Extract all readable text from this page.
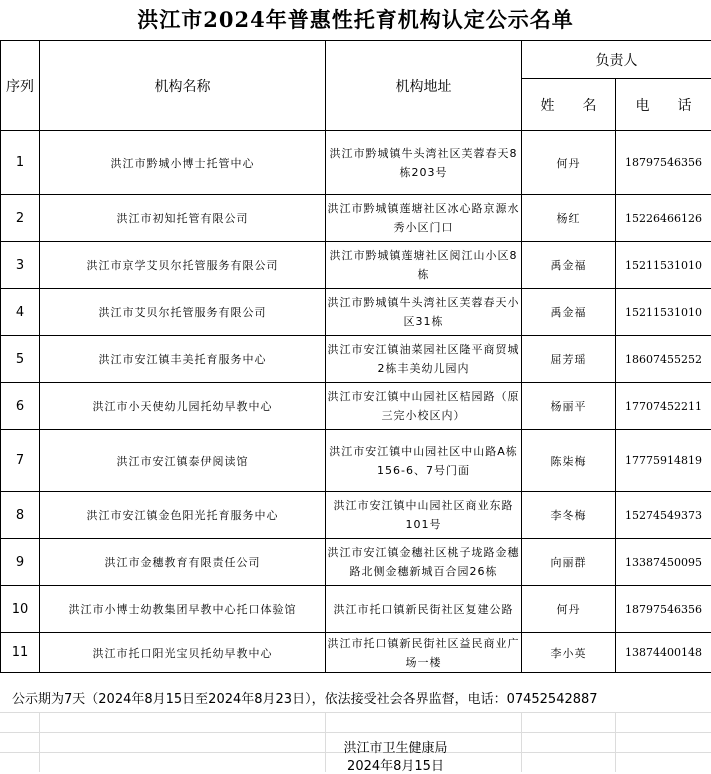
洪江市2024年普惠性托育机构认定公示名单
序列	机构名称	机构地址	负责人	
			姓　　名	电　　话
1	洪江市黔城小博士托管中心	洪江市黔城镇牛头湾社区芙蓉春天8栋203号	何丹	18797546356
2	洪江市初知托管有限公司	洪江市黔城镇莲塘社区冰心路京源水秀小区门口	杨红	15226466126
3	洪江市京学艾贝尔托管服务有限公司	洪江市黔城镇莲塘社区阅江山小区8栋	禹金福	15211531010
4	洪江市艾贝尔托管服务有限公司	洪江市黔城镇牛头湾社区芙蓉春天小区31栋	禹金福	15211531010
5	洪江市安江镇丰美托育服务中心	洪江市安江镇油菜园社区隆平商贸城2栋丰美幼儿园内	屈芳瑶	18607455252
6	洪江市小天使幼儿园托幼早教中心	洪江市安江镇中山园社区桔园路（原三完小校区内）	杨丽平	17707452211
7	洪江市安江镇泰伊阅读馆	洪江市安江镇中山园社区中山路A栋156-6、7号门面	陈柒梅	17775914819
8	洪江市安江镇金色阳光托育服务中心	洪江市安江镇中山园社区商业东路101号	李冬梅	15274549373
9	洪江市金穗教育有限责任公司	洪江市安江镇金穗社区桃子垅路金穗路北侧金穗新城百合园26栋	向丽群	13387450095
10	洪江市小博士幼教集团早教中心托口体验馆	洪江市托口镇新民街社区复建公路	何丹	18797546356
11	洪江市托口阳光宝贝托幼早教中心	洪江市托口镇新民街社区益民商业广场一楼	李小英	13874400148
公示期为7天（2024年8月15日至2024年8月23日），依法接受社会各界监督，电话：07452542887
洪江市卫生健康局
2024年8月15日
